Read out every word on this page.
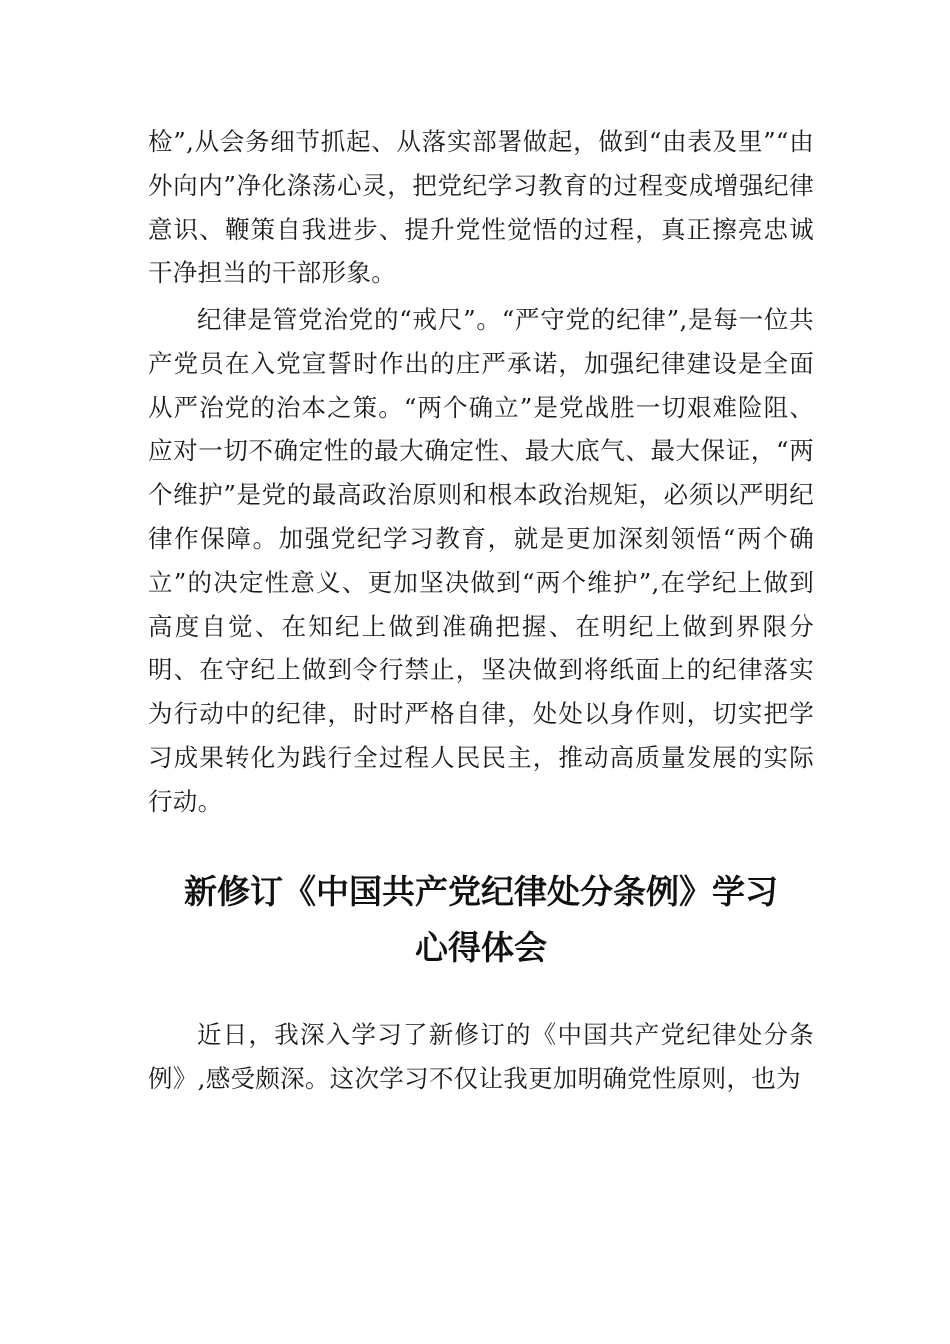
检”,从会务细节抓起、从落实部署做起，做到“由表及里”“由外向内”净化涤荡心灵，把党纪学习教育的过程变成增强纪律意识、鞭策自我进步、提升党性觉悟的过程，真正擦亮忠诚干净担当的干部形象。
纪律是管党治党的“戒尺”。“严守党的纪律”,是每一位共产党员在入党宣誓时作出的庄严承诺，加强纪律建设是全面从严治党的治本之策。“两个确立”是党战胜一切艰难险阻、应对一切不确定性的最大确定性、最大底气、最大保证，“两个维护”是党的最高政治原则和根本政治规矩，必须以严明纪律作保障。加强党纪学习教育，就是更加深刻领悟“两个确立”的决定性意义、更加坚决做到“两个维护”,在学纪上做到高度自觉、在知纪上做到准确把握、在明纪上做到界限分明、在守纪上做到令行禁止，坚决做到将纸面上的纪律落实为行动中的纪律，时时严格自律，处处以身作则，切实把学习成果转化为践行全过程人民民主，推动高质量发展的实际行动。
新修订《中国共产党纪律处分条例》学习
心得体会
近日，我深入学习了新修订的《中国共产党纪律处分条例》,感受颇深。这次学习不仅让我更加明确党性原则，也为
